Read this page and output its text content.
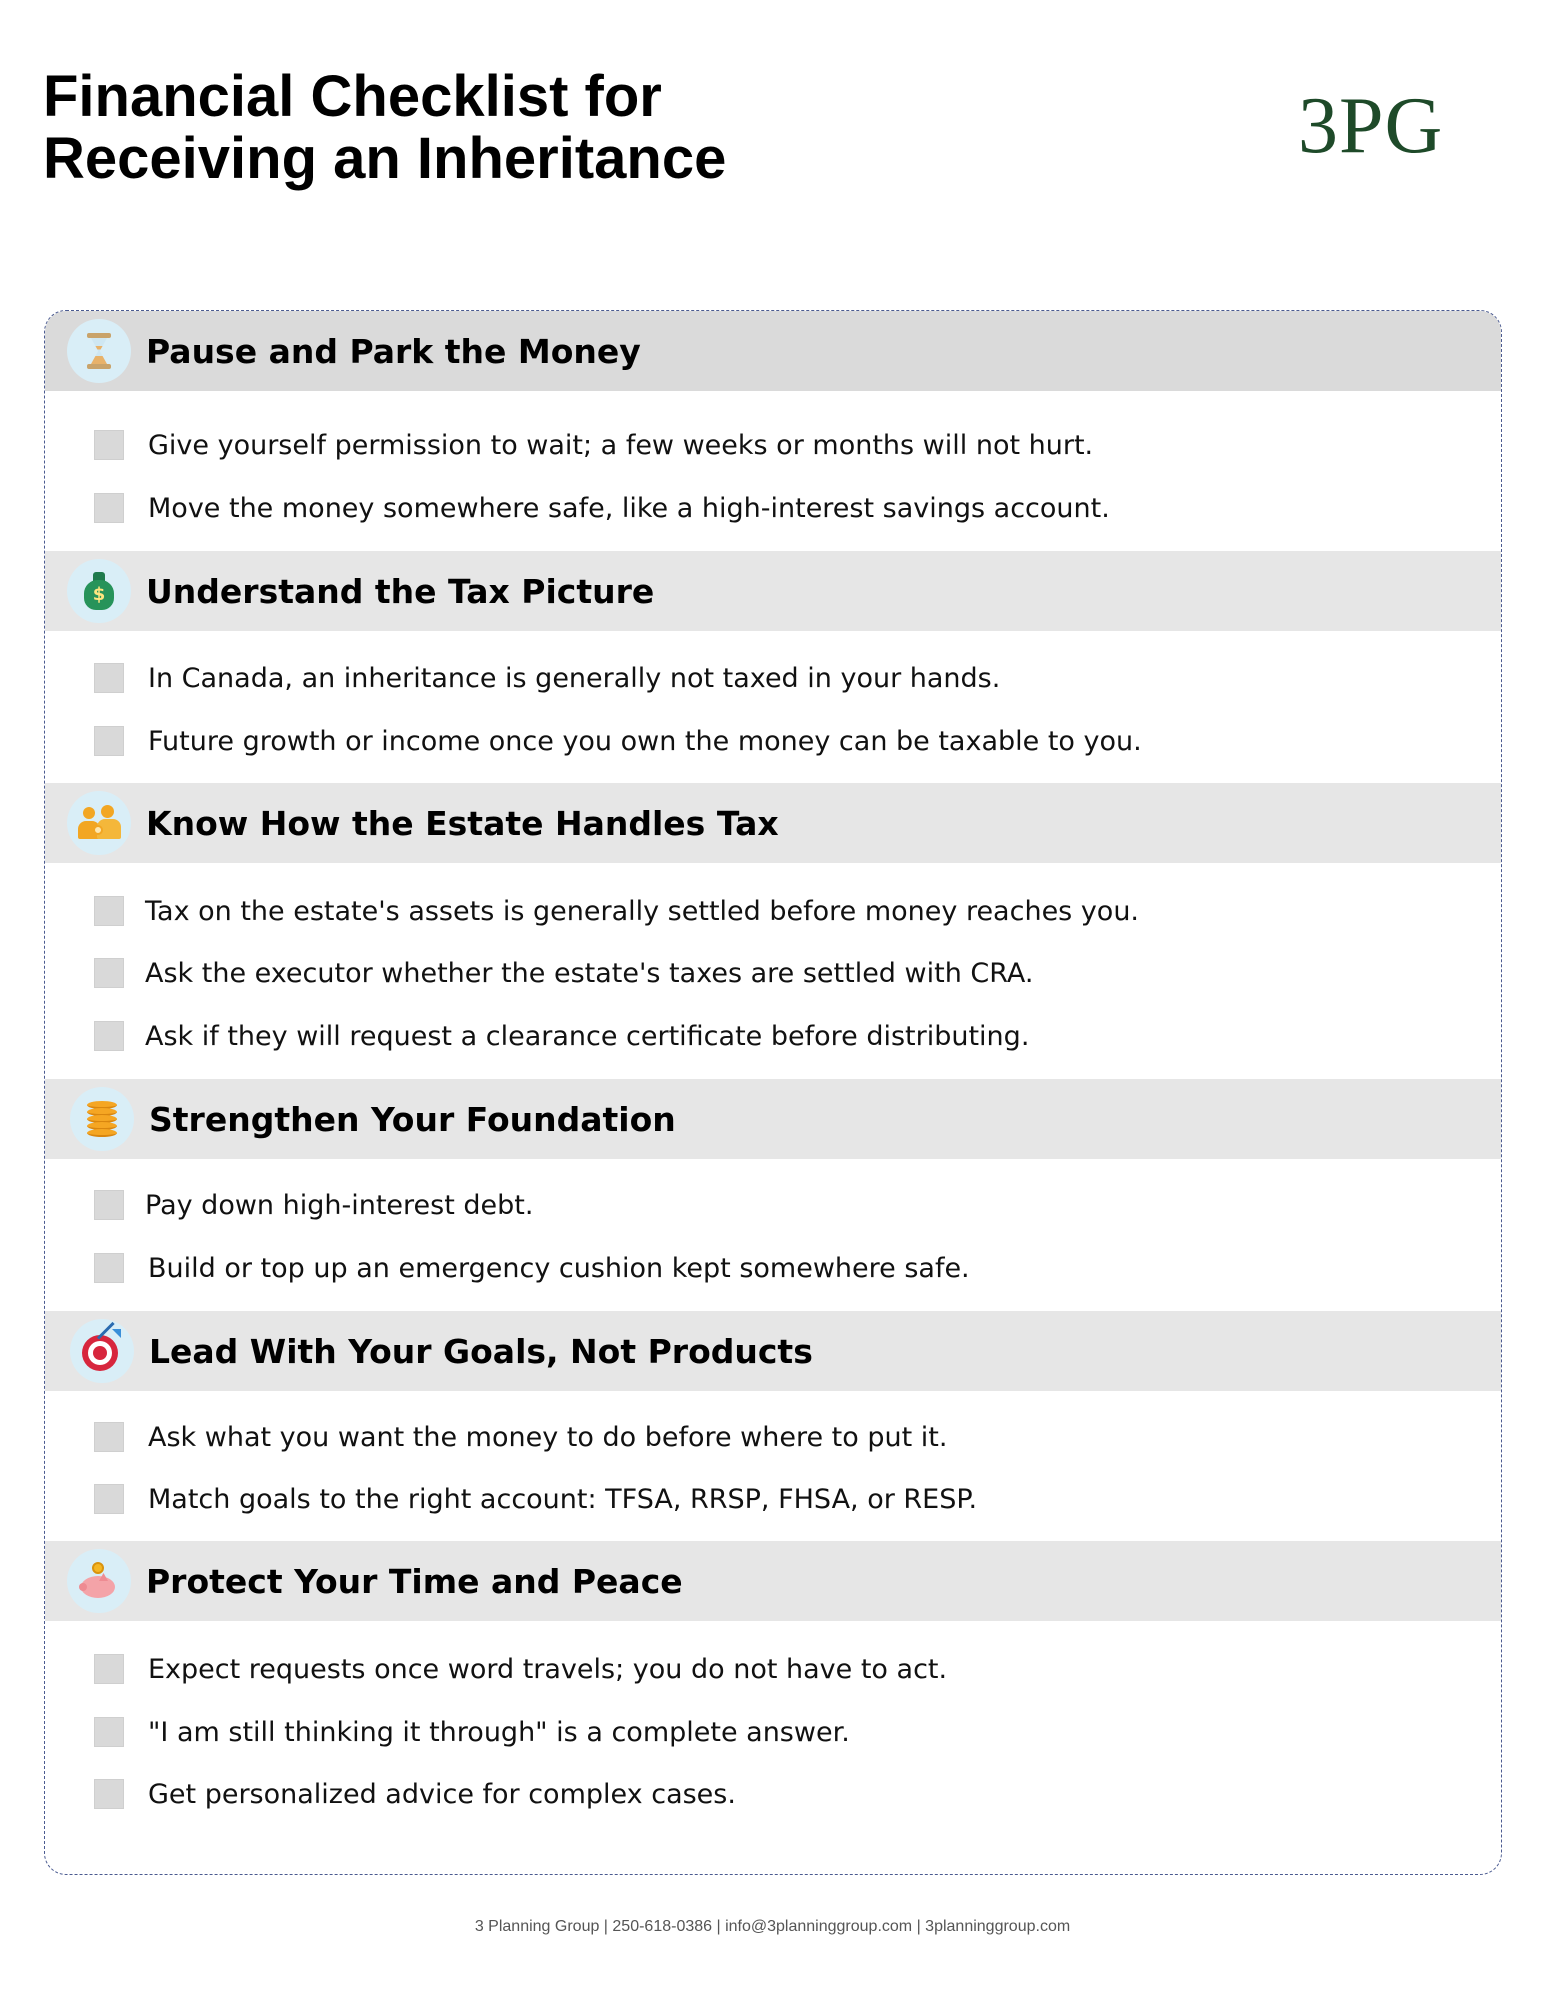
Financial Checklist for
Receiving an Inheritance	3PG
Pause and Park the Money
Give yourself permission to wait; a few weeks or months will not hurt.
Move the money somewhere safe, like a high-interest savings account.
$ Understand the Tax Picture
In Canada, an inheritance is generally not taxed in your hands.
Future growth or income once you own the money can be taxable to you.
Know How the Estate Handles Tax
Tax on the estate's assets is generally settled before money reaches you.
Ask the executor whether the estate's taxes are settled with CRA.
Ask if they will request a clearance certificate before distributing.
Strengthen Your Foundation
Pay down high-interest debt.
Build or top up an emergency cushion kept somewhere safe.
Lead With Your Goals, Not Products
Ask what you want the money to do before where to put it.
Match goals to the right account: TFSA, RRSP, FHSA, or RESP.
Protect Your Time and Peace
Expect requests once word travels; you do not have to act.
"I am still thinking it through" is a complete answer.
Get personalized advice for complex cases.
3 Planning Group | 250-618-0386 | info@3planninggroup.com | 3planninggroup.com
